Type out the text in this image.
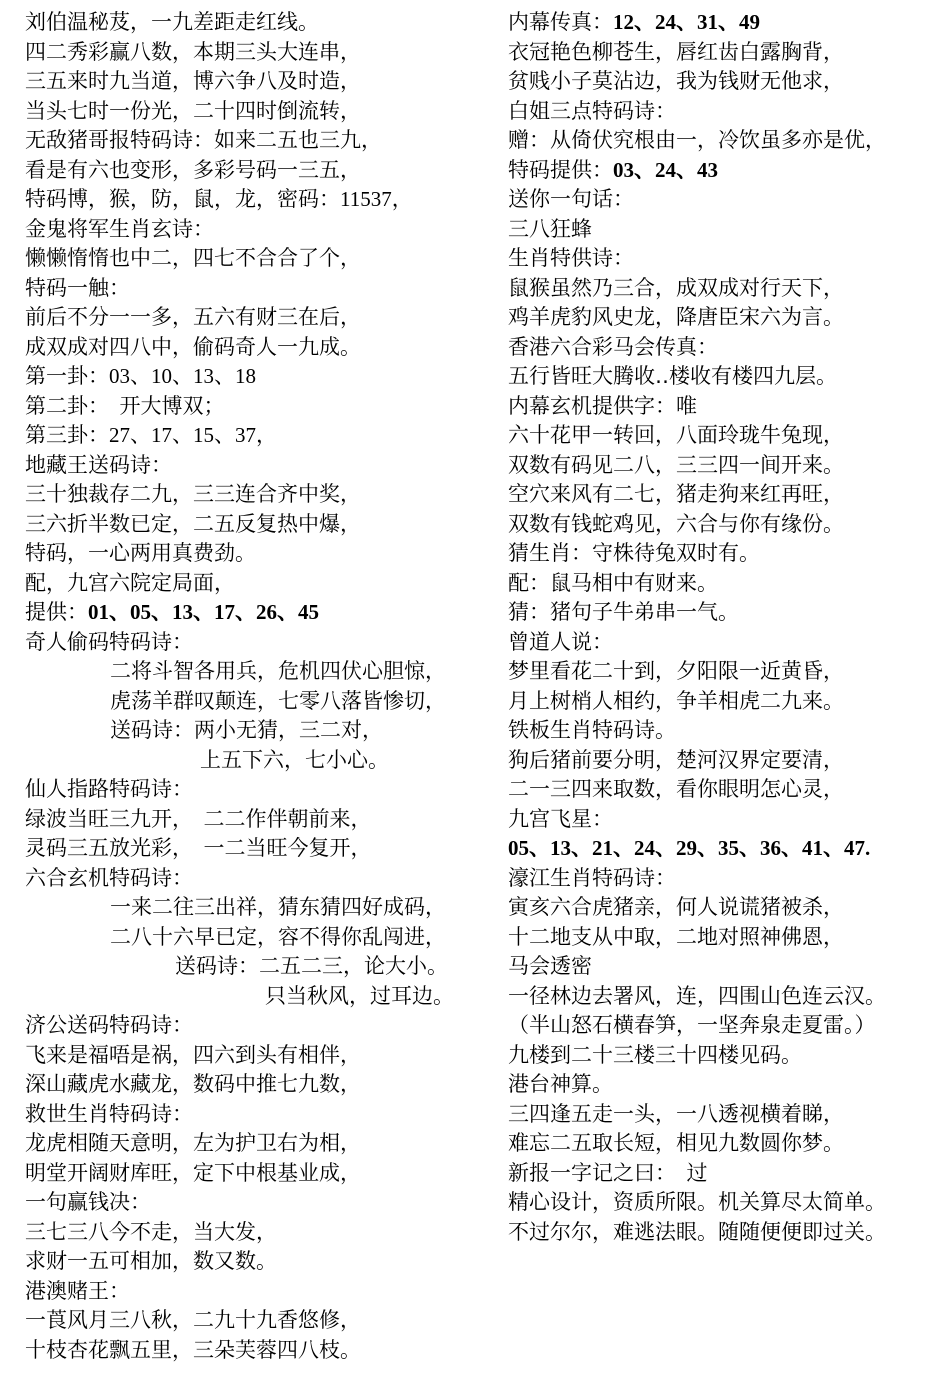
刘伯温秘芨，一九差距走红线。
四二秀彩赢八数，本期三头大连串，
三五来时九当道，博六争八及时造，
当头七时一份光，二十四时倒流转，
无敌猪哥报特码诗：如来二五也三九，
看是有六也变形，多彩号码一三五，
特码博，猴，防，鼠，龙，密码：11537，
金鬼将军生肖玄诗：
懒懒惰惰也中二，四七不合合了个，
特码一触：
前后不分一一多，五六有财三在后，
成双成对四八中，偷码奇人一九成。
第一卦：03、10、13、18
第二卦：　开大博双；
第三卦：27、17、15、37，
地藏王送码诗：
三十独裁存二九，三三连合齐中奖，
三六折半数已定，二五反复热中爆，
特码，一心两用真费劲。
配，九宫六院定局面，
提供：01、05、13、17、26、45
奇人偷码特码诗：
二将斗智各用兵，危机四伏心胆惊，
虎荡羊群叹颠连，七零八落皆惨切，
送码诗：两小无猜，三二对，
上五下六，七小心。
仙人指路特码诗：
绿波当旺三九开，　二二作伴朝前来，
灵码三五放光彩，　一二当旺今复开，
六合玄机特码诗：
一来二往三出祥，猜东猜四好成码，
二八十六早已定，容不得你乱闯进，
送码诗：二五二三，论大小。
只当秋风，过耳边。
济公送码特码诗：
飞来是福唔是祸，四六到头有相伴，
深山藏虎水藏龙，数码中推七九数，
救世生肖特码诗：
龙虎相随天意明，左为护卫右为相，
明堂开阔财库旺，定下中根基业成，
一句赢钱决：
三七三八今不走，当大发，
求财一五可相加，数又数。
港澳赌王：
一莨风月三八秋，二九十九香悠修，
十枝杏花飘五里，三朵芙蓉四八枝。
内幕传真：12、24、31、49
衣冠艳色柳苍生，唇红齿白露胸背，
贫贱小子莫沾边，我为钱财无他求，
白姐三点特码诗：
赠：从倚伏究根由一，冷饮虽多亦是优，
特码提供：03、24、43
送你一句话：
三八狂蜂
生肖特供诗：
鼠猴虽然乃三合，成双成对行天下，
鸡羊虎豹风史龙，降唐臣宋六为言。
香港六合彩马会传真：
五行皆旺大腾收‥楼收有楼四九层。
内幕玄机提供字：唯
六十花甲一转回，八面玲珑牛兔现，
双数有码见二八，三三四一间开来。
空穴来风有二七，猪走狗来红再旺，
双数有钱蛇鸡见，六合与你有缘份。
猜生肖：守株待兔双时有。
配：鼠马相中有财来。
猜：猪句子牛弟串一气。
曾道人说：
梦里看花二十到，夕阳限一近黄昏，
月上树梢人相约，争羊相虎二九来。
铁板生肖特码诗。
狗后猪前要分明，楚河汉界定要清，
二一三四来取数，看你眼明怎心灵，
九宫飞星：
05、13、21、24、29、35、36、41、47.
濠江生肖特码诗：
寅亥六合虎猪亲，何人说谎猪被杀，
十二地支从中取，二地对照神佛恩，
马会透密
一径林边去署风，连，四围山色连云汉。
（半山怒石横春笋，一坚奔泉走夏雷。）
九楼到二十三楼三十四楼见码。
港台神算。
三四逢五走一头，一八透视横着睇，
难忘二五取长短，相见九数圆你梦。
新报一字记之曰：　过
精心设计，资质所限。机关算尽太简单。
不过尔尔，难逃法眼。随随便便即过关。
